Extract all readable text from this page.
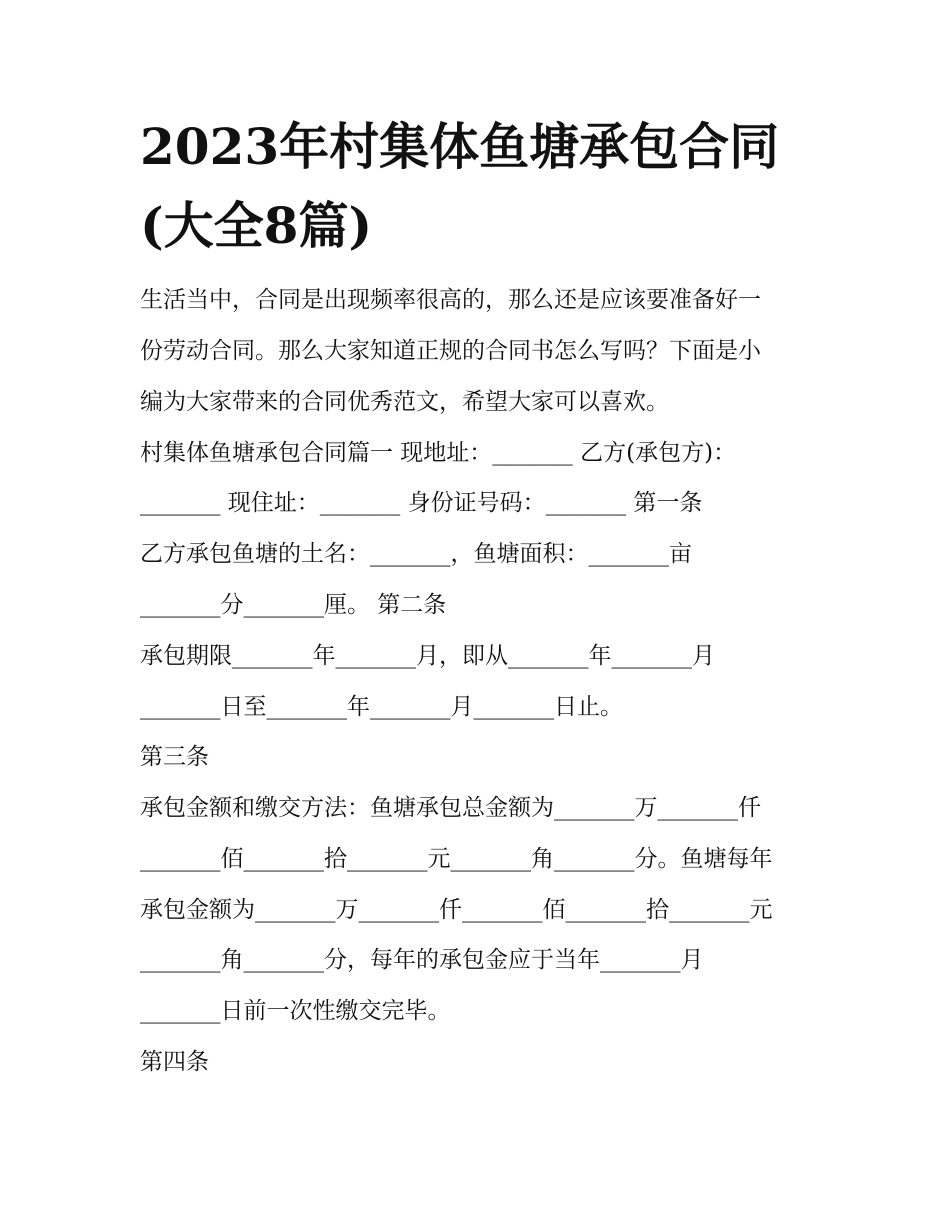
2023年村集体鱼塘承包合同
(大全8篇)

生活当中，合同是出现频率很高的，那么还是应该要准备好一

份劳动合同。那么大家知道正规的合同书怎么写吗？下面是小

编为大家带来的合同优秀范文，希望大家可以喜欢。

村集体鱼塘承包合同篇一 现地址：_______ 乙方(承包方)：

_______ 现住址：_______ 身份证号码：_______ 第一条

乙方承包鱼塘的土名：_______，鱼塘面积：_______亩

_______分_______厘。 第二条

承包期限_______年_______月，即从_______年_______月

_______日至_______年_______月_______日止。

第三条

承包金额和缴交方法：鱼塘承包总金额为_______万_______仟

_______佰_______拾_______元_______角_______分。鱼塘每年

承包金额为_______万_______仟_______佰_______拾_______元

_______角_______分，每年的承包金应于当年_______月

_______日前一次性缴交完毕。

第四条
